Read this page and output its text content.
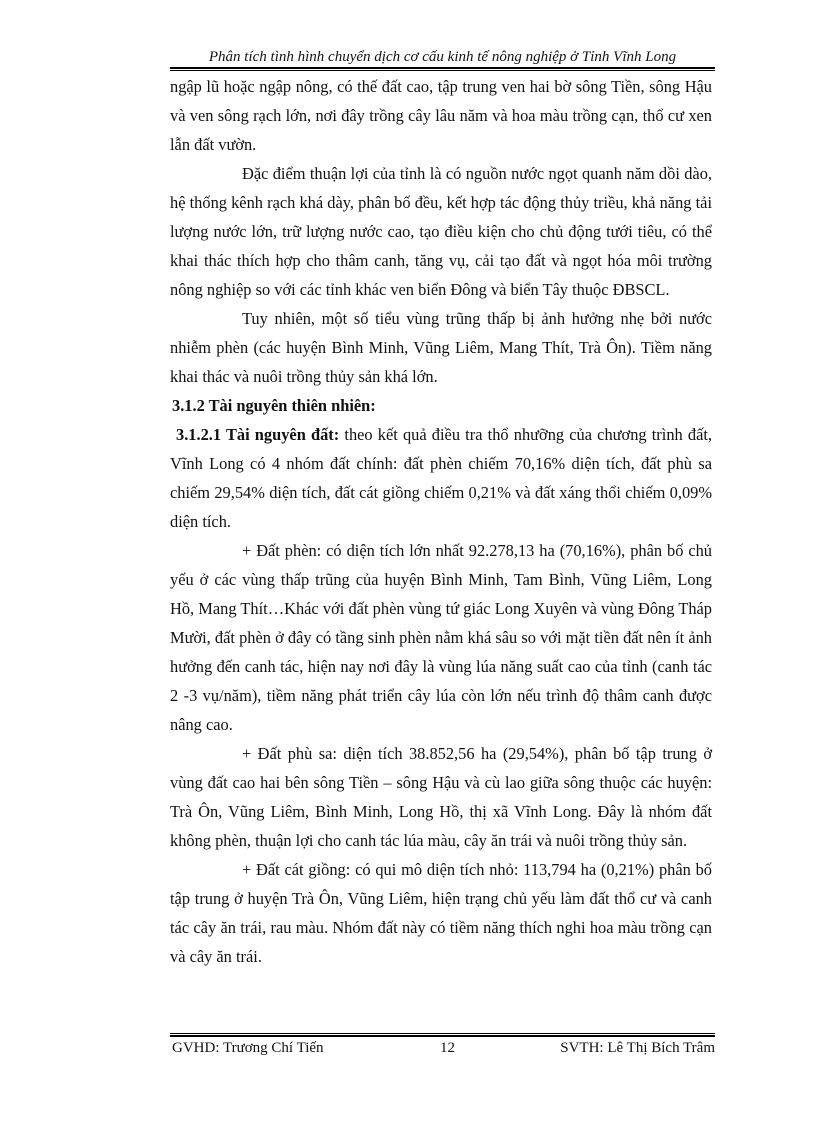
Phân tích tình hình chuyển dịch cơ cấu kinh tế nông nghiệp ở Tỉnh Vĩnh Long

ngập lũ hoặc ngập nông, có thế đất cao, tập trung ven hai bờ sông Tiền, sông Hậu và ven sông rạch lớn, nơi đây trồng cây lâu năm và hoa màu trồng cạn, thổ cư xen lẫn đất vườn.

Đặc điểm thuận lợi của tỉnh là có nguồn nước ngọt quanh năm dồi dào, hệ thống kênh rạch khá dày, phân bố đều, kết hợp tác động thủy triều, khả năng tải lượng nước lớn, trữ lượng nước cao, tạo điều kiện cho chủ động tưới tiêu, có thể khai thác thích hợp cho thâm canh, tăng vụ, cải tạo đất và ngọt hóa môi trường nông nghiệp so với các tỉnh khác ven biển Đông và biển Tây thuộc ĐBSCL.

Tuy nhiên, một số tiểu vùng trũng thấp bị ảnh hưởng nhẹ bởi nước nhiễm phèn (các huyện Bình Minh, Vũng Liêm, Mang Thít, Trà Ôn). Tiềm năng khai thác và nuôi trồng thủy sản khá lớn.

3.1.2 Tài nguyên thiên nhiên:

3.1.2.1 Tài nguyên đất: theo kết quả điều tra thổ nhưỡng của chương trình đất, Vĩnh Long có 4 nhóm đất chính: đất phèn chiếm 70,16% diện tích, đất phù sa chiếm 29,54% diện tích, đất cát giồng chiếm 0,21% và đất xáng thổi chiếm 0,09% diện tích.

+ Đất phèn: có diện tích lớn nhất 92.278,13 ha (70,16%), phân bố chủ yếu ở các vùng thấp trũng của huyện Bình Minh, Tam Bình, Vũng Liêm, Long Hồ, Mang Thít…Khác với đất phèn vùng tứ giác Long Xuyên và vùng Đông Tháp Mười, đất phèn ở đây có tầng sinh phèn nằm khá sâu so với mặt tiền đất nên ít ảnh hưởng đến canh tác, hiện nay nơi đây là vùng lúa năng suất cao của tỉnh (canh tác 2 -3 vụ/năm), tiềm năng phát triển cây lúa còn lớn nếu trình độ thâm canh được nâng cao.

+ Đất phù sa: diện tích 38.852,56 ha (29,54%), phân bố tập trung ở vùng đất cao hai bên sông Tiền – sông Hậu và cù lao giữa sông thuộc các huyện: Trà Ôn, Vũng Liêm, Bình Minh, Long Hồ, thị xã Vĩnh Long. Đây là nhóm đất không phèn, thuận lợi cho canh tác lúa màu, cây ăn trái và nuôi trồng thủy sản.

+ Đất cát giồng: có qui mô diện tích nhỏ: 113,794 ha (0,21%) phân bố tập trung ở huyện Trà Ôn, Vũng Liêm, hiện trạng chủ yếu làm đất thổ cư và canh tác cây ăn trái, rau màu. Nhóm đất này có tiềm năng thích nghi hoa màu trồng cạn và cây ăn trái.

GVHD: Trương Chí Tiến	12	SVTH: Lê Thị Bích Trâm
